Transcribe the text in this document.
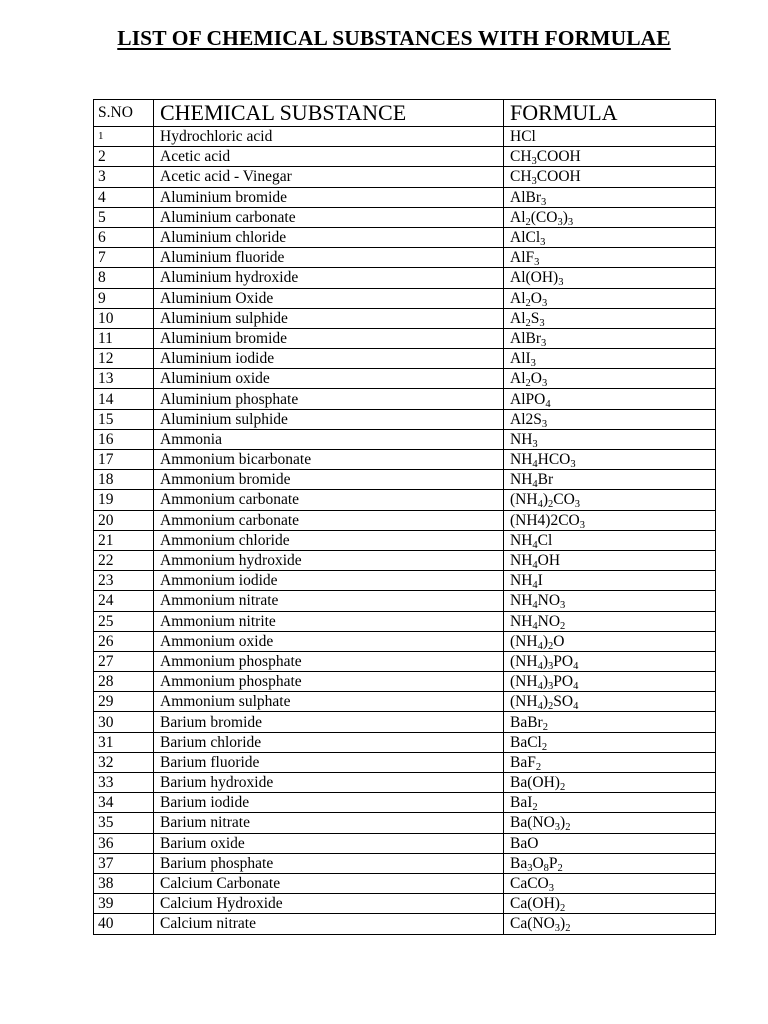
LIST OF CHEMICAL SUBSTANCES WITH FORMULAE
S.NO	CHEMICAL SUBSTANCE	FORMULA
1	Hydrochloric acid	HCl
2	Acetic acid	$CH_3COOH$
3	Acetic acid - Vinegar	$CH_3COOH$
4	Aluminium bromide	AlBr$_3$
5	Aluminium carbonate	$Al_2(CO_3)_3$
6	Aluminium chloride	AlCl$_3$
7	Aluminium fluoride	AlF$_3$
8	Aluminium hydroxide	$Al(OH)_3$
9	Aluminium Oxide	$Al_2O_3$
10	Aluminium sulphide	$Al_2S_3$
11	Aluminium bromide	AlBr$_3$
12	Aluminium iodide	AlI$_3$
13	Aluminium oxide	$Al_2O_3$
14	Aluminium phosphate	AlPO$_4$
15	Aluminium sulphide	$Al2S_3$
16	Ammonia	$NH_3$
17	Ammonium bicarbonate	$NH_4HCO_3$
18	Ammonium bromide	$NH_4Br$
19	Ammonium carbonate	$(NH_4)_2CO_3$
20	Ammonium carbonate	$(NH4)2CO_3$
21	Ammonium chloride	$NH_4Cl$
22	Ammonium hydroxide	$NH_4OH$
23	Ammonium iodide	$NH_4I$
24	Ammonium nitrate	$NH_4NO_3$
25	Ammonium nitrite	$NH_4NO_2$
26	Ammonium oxide	$(NH_4)_2O$
27	Ammonium phosphate	$(NH_4)_3PO_4$
28	Ammonium phosphate	$(NH_4)_3PO_4$
29	Ammonium sulphate	$(NH_4)_2SO_4$
30	Barium bromide	BaBr$_2$
31	Barium chloride	BaCl$_2$
32	Barium fluoride	BaF$_2$
33	Barium hydroxide	$Ba(OH)_2$
34	Barium iodide	BaI$_2$
35	Barium nitrate	$Ba(NO_3)_2$
36	Barium oxide	BaO
37	Barium phosphate	$Ba_3O_8P_2$
38	Calcium Carbonate	CaCO$_3$
39	Calcium Hydroxide	$Ca(OH)_2$
40	Calcium nitrate	$Ca(NO_3)_2$
